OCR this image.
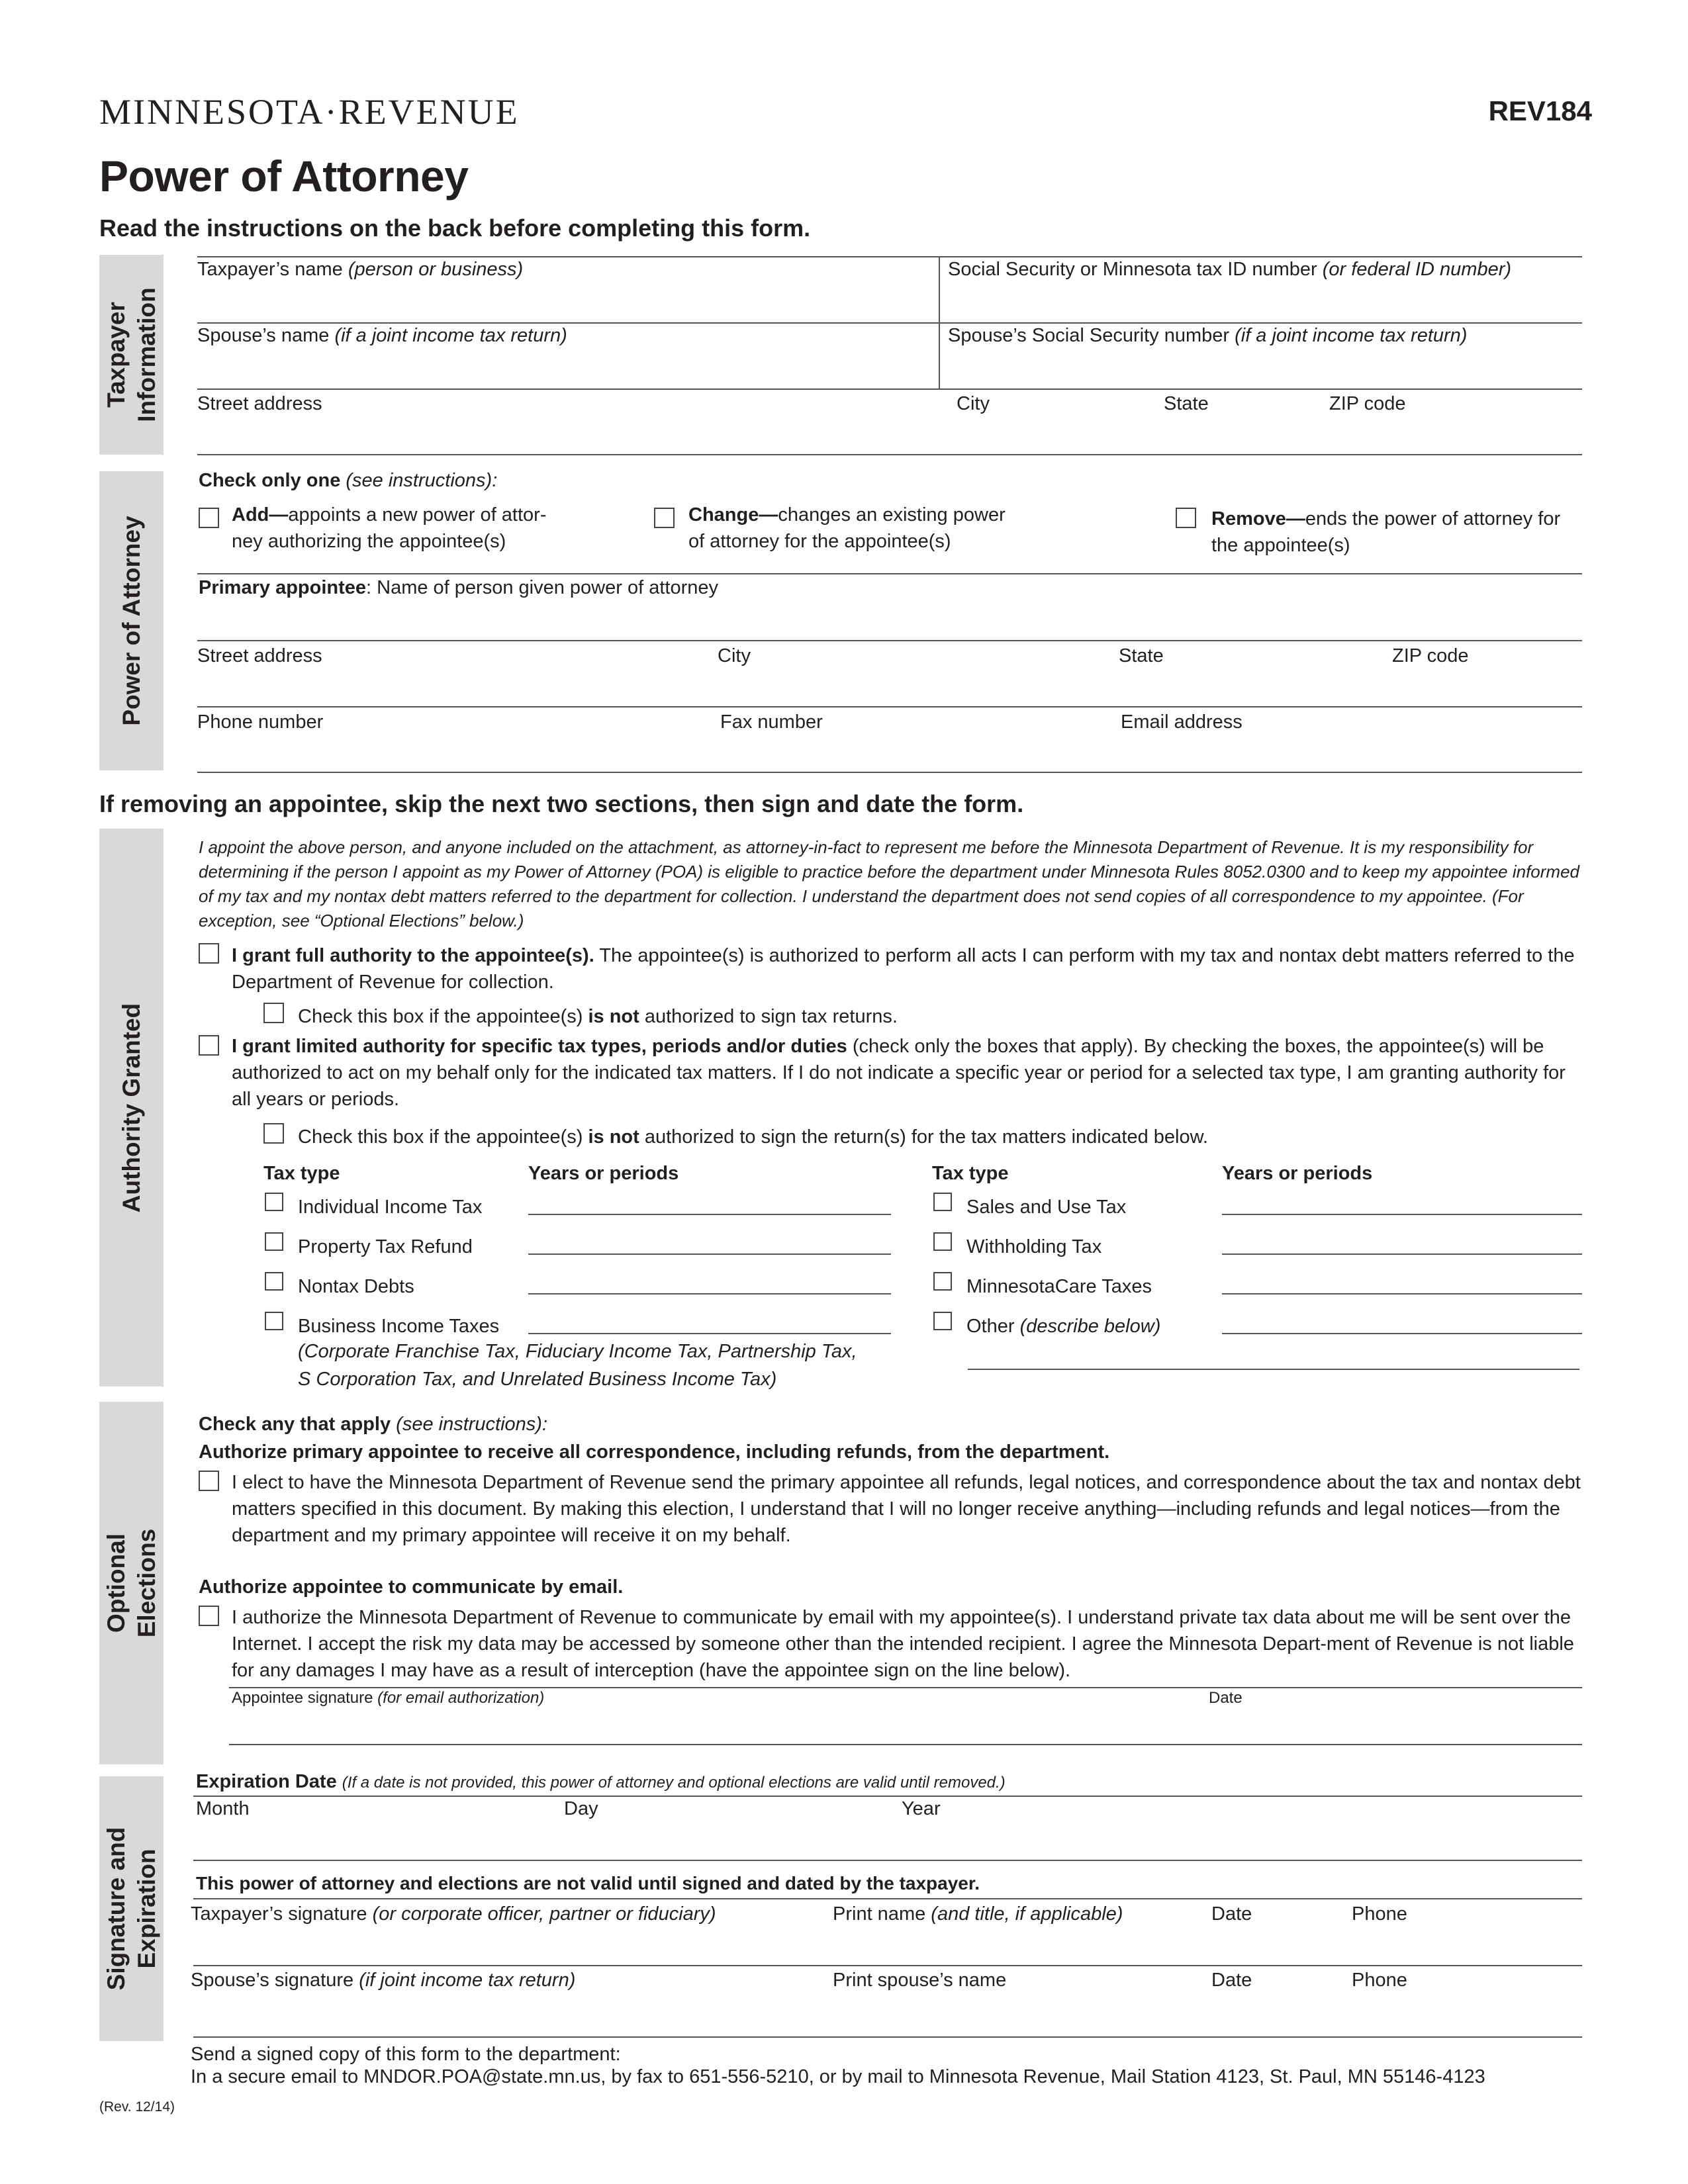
MINNESOTA·REVENUE	REV184
Power of Attorney
Read the instructions on the back before completing this form.
Taxpayer
Information
Power of Attorney
Authority Granted
Optional
Elections
Signature and
Expiration
Taxpayer’s name (person or business)	Social Security or Minnesota tax ID number (or federal ID number)
Spouse’s name (if a joint income tax return)	Spouse’s Social Security number (if a joint income tax return)
Street address	City	State	ZIP code
Check only one (see instructions):
Add—appoints a new power of attor-
ney authorizing the appointee(s)
Change—changes an existing power
of attorney for the appointee(s)
Remove—ends the power of attorney for
the appointee(s)
Primary appointee: Name of person given power of attorney
Street address	City	State	ZIP code
Phone number	Fax number	Email address
If removing an appointee, skip the next two sections, then sign and date the form.
I appoint the above person, and anyone included on the attachment, as attorney-in-fact to represent me before the Minnesota Department of Revenue. It is my responsibility for determining if the person I appoint as my Power of Attorney (POA) is eligible to practice before the department under Minnesota Rules 8052.0300 and to keep my appointee informed of my tax and my nontax debt matters referred to the department for collection. I understand the department does not send copies of all correspondence to my appointee. (For exception, see “Optional Elections” below.)
I grant full authority to the appointee(s). The appointee(s) is authorized to perform all acts I can perform with my tax and nontax debt matters referred to the Department of Revenue for collection.
Check this box if the appointee(s) is not authorized to sign tax returns.
I grant limited authority for specific tax types, periods and/or duties (check only the boxes that apply). By checking the boxes, the appointee(s) will be authorized to act on my behalf only for the indicated tax matters. If I do not indicate a specific year or period for a selected tax type, I am granting authority for all years or periods.
Check this box if the appointee(s) is not authorized to sign the return(s) for the tax matters indicated below.
Tax type	Years or periods	Tax type	Years or periods
Individual Income Tax
Property Tax Refund
Nontax Debts
Business Income Taxes
(Corporate Franchise Tax, Fiduciary Income Tax, Partnership Tax,
S Corporation Tax, and Unrelated Business Income Tax)
Sales and Use Tax
Withholding Tax
MinnesotaCare Taxes
Other (describe below)
Check any that apply (see instructions):
Authorize primary appointee to receive all correspondence, including refunds, from the department.
I elect to have the Minnesota Department of Revenue send the primary appointee all refunds, legal notices, and correspondence about the tax and nontax debt matters specified in this document. By making this election, I understand that I will no longer receive anything—including refunds and legal notices—from the department and my primary appointee will receive it on my behalf.
Authorize appointee to communicate by email.
I authorize the Minnesota Department of Revenue to communicate by email with my appointee(s). I understand private tax data about me will be sent over the Internet. I accept the risk my data may be accessed by someone other than the intended recipient. I agree the Minnesota Depart-ment of Revenue is not liable for any damages I may have as a result of interception (have the appointee sign on the line below).
Appointee signature (for email authorization)	Date
Expiration Date (If a date is not provided, this power of attorney and optional elections are valid until removed.)
Month	Day	Year
This power of attorney and elections are not valid until signed and dated by the taxpayer.
Taxpayer’s signature (or corporate officer, partner or fiduciary)	Print name (and title, if applicable)	Date	Phone
Spouse’s signature (if joint income tax return)	Print spouse’s name	Date	Phone
Send a signed copy of this form to the department:
In a secure email to MNDOR.POA@state.mn.us, by fax to 651-556-5210, or by mail to Minnesota Revenue, Mail Station 4123, St. Paul, MN 55146-4123
(Rev. 12/14)
